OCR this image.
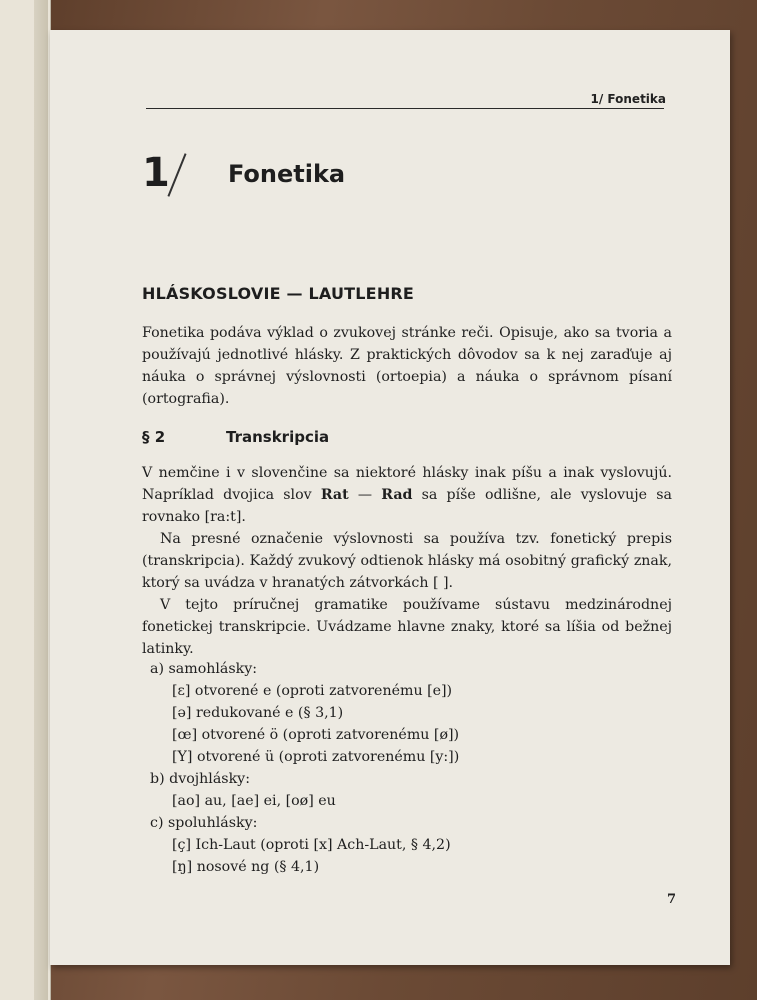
1/ Fonetika
1 Fonetika
HLÁSKOSLOVIE — LAUTLEHRE

Fonetika podáva výklad o zvukovej stránke reči. Opisuje, ako sa tvoria a používajú jednotlivé hlásky. Z praktických dôvodov sa k nej zaraďuje aj náuka o správnej výslovnosti (ortoepia) a náuka o správnom písaní (ortografia).

§ 2	Transkripcia

V nemčine i v slovenčine sa niektoré hlásky inak píšu a inak vyslovujú. Napríklad dvojica slov Rat — Rad sa píše odlišne, ale vyslovuje sa rovnako [ra:t].

Na presné označenie výslovnosti sa používa tzv. fonetický prepis (transkripcia). Každý zvukový odtienok hlásky má osobitný grafický znak, ktorý sa uvádza v hranatých zátvorkách [ ].

V tejto príručnej gramatike používame sústavu medzinárodnej fonetickej transkripcie. Uvádzame hlavne znaky, ktoré sa líšia od bežnej latinky.

a) samohlásky:
[ɛ] otvorené e (oproti zatvorenému [e])
[ə] redukované e (§ 3,1)
[œ] otvorené ö (oproti zatvorenému [ø])
[Y] otvorené ü (oproti zatvorenému [y:])
b) dvojhlásky:
[ao] au, [ae] ei, [oø] eu
c) spoluhlásky:
[ç] Ich-Laut (oproti [x] Ach-Laut, § 4,2)
[ŋ] nosové ng (§ 4,1)
7
